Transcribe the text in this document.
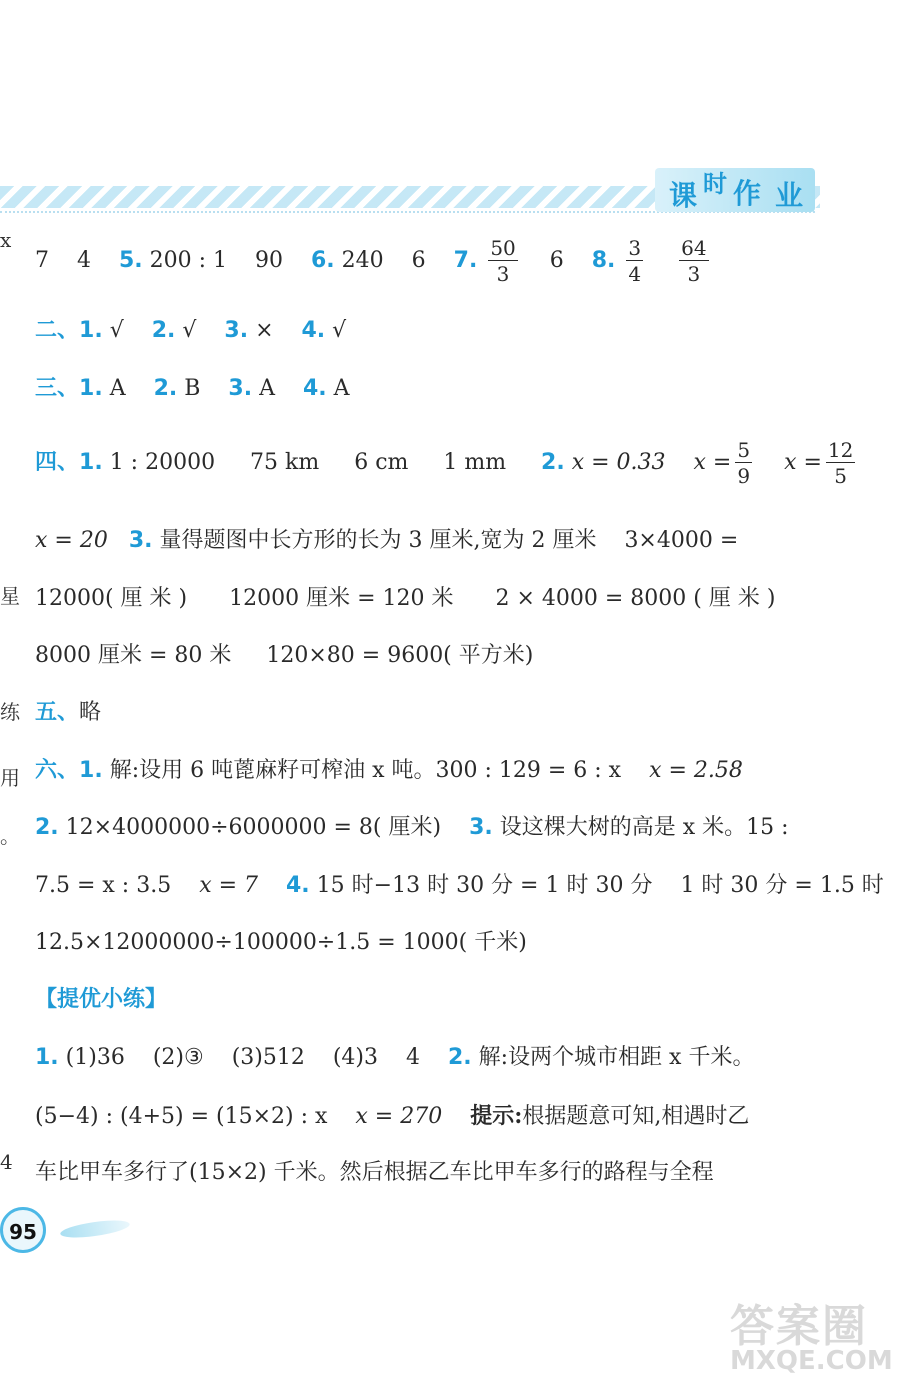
课 时 作 业
x
星
练
用
。
4
7 4 5. 200 : 1 90 6. 240 6 7. $\frac{50}{3} 6$ 8. $\frac{3}{4}$
$\frac{64}{3}$
二、1. √ 2. √ 3. × 4. √
三、1. A 2. B 3. A 4. A
四、1. 1 : 20000 75 km 6 cm 1 mm 2. x = 0.33 $x = \frac{5}{9}$ $x = \frac{12}{5}$
x = 20 3. 量得题图中长方形的长为 3 厘米,宽为 2 厘米 3×4000 =
12000( 厘 米 ) 12000 厘米 = 120 米 2 × 4000 = 8000 ( 厘 米 )
8000 厘米 = 80 米 120×80 = 9600( 平方米)
五、略
六、1. 解:设用 6 吨蓖麻籽可榨油 x 吨。300 : 129 = 6 : x x = 2.58
2. 12×4000000÷6000000 = 8( 厘米) 3. 设这棵大树的高是 x 米。15 :
7.5 = x : 3.5 x = 7 4. 15 时−13 时 30 分 = 1 时 30 分 1 时 30 分 = 1.5 时
12.5×12000000÷100000÷1.5 = 1000( 千米)
【提优小练】
1. (1)36 (2)③ (3)512 (4)3 4 2. 解:设两个城市相距 x 千米。
(5−4) : (4+5) = (15×2) : x x = 270 提示:根据题意可知,相遇时乙
车比甲车多行了(15×2) 千米。然后根据乙车比甲车多行的路程与全程
95
答案圈
MXQE.COM
